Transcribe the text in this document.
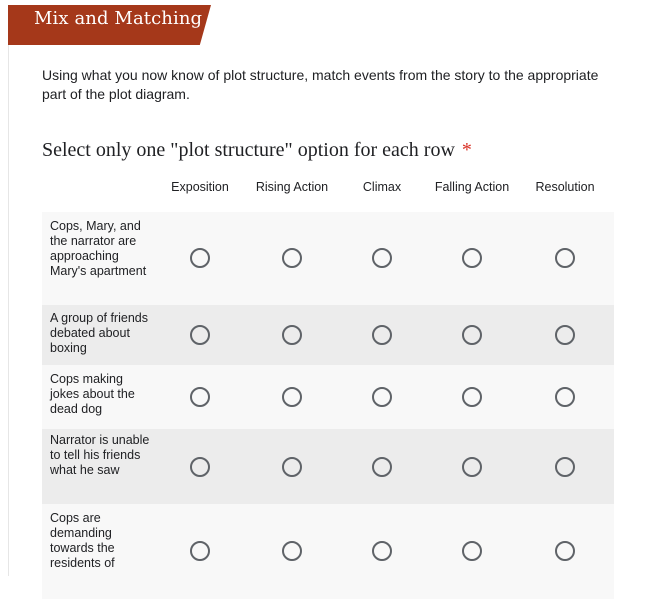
Mix and Matching
Using what you now know of plot structure, match events from the story to the appropriate part of the plot diagram.
Select only one "plot structure" option for each row *
Exposition Rising Action	Climax	Falling Action Resolution
Cops, Mary, and the narrator are approaching Mary's apartment
A group of friends debated about boxing
Cops making jokes about the dead dog
Narrator is unable to tell his friends what he saw
Cops are demanding towards the residents of
